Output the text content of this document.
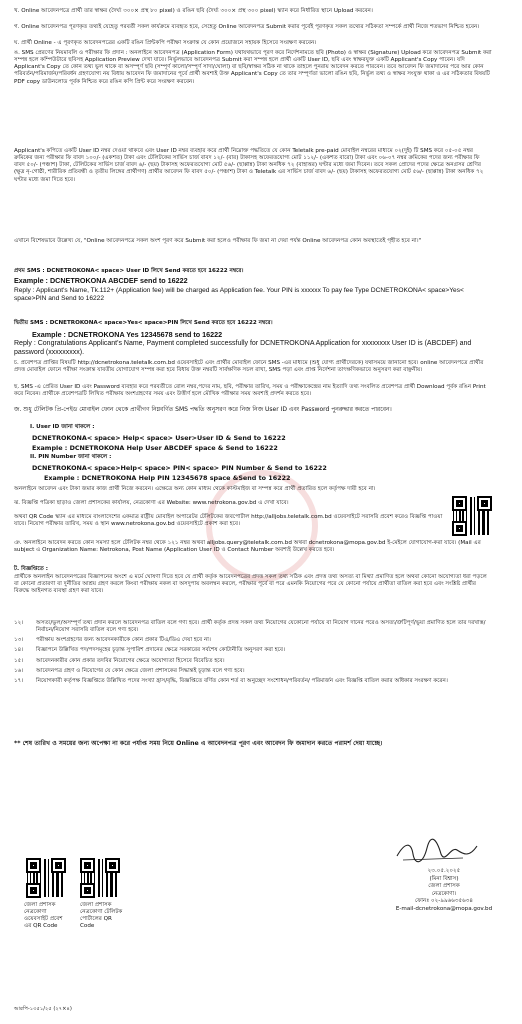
খ. Online আবেদনপত্রে প্রার্থী তার স্বাক্ষর (দৈর্ঘ্য ৩০০× প্রস্থ ৮০ pixel) ও রঙিন ছবি (দৈর্ঘ্য ৩০০× প্রস্থ ৩০০ pixel) স্ক্যান করে নির্ধারিত স্থানে Upload করবেন।
গ. Online আবেদনপত্র পূরণকৃত তথ্যই যেহেতু পরবর্তী সকল কার্যক্রমে ব্যবহৃত হবে, সেহেতু Online আবেদনপত্র Submit করার পূর্বেই পূরণকৃত সকল তথ্যের সঠিকতা সম্পর্কে প্রার্থী নিজে শতভাগ নিশ্চিত হবেন।
ঘ. প্রার্থী Online - এ পূরণকৃত আবেদনপত্রের একটি রঙিন প্রিন্টকপি পরীক্ষা সংক্রান্ত যে কোন প্রয়োজনে সহায়ক হিসেবে সংরক্ষণ করবেন।
ঙ. SMS প্রেরণের নিয়মাবলি ও পরীক্ষার ফি প্রদান : অনলাইনে আবেদনপত্র (Application Form) যথাযথভাবে পূরণ করে নির্দেশনামতে ছবি (Photo) ও স্বাক্ষর (Signature) Upload করে আবেদনপত্র Submit করা সম্পন্ন হলে কম্পিউটারে ছবিসহ Application Preview দেখা যাবে। নির্ভুলভাবে আবেদনপত্র Submit করা সম্পন্ন হলে প্রার্থী একটি User ID, ছবি এবং স্বাক্ষরযুক্ত একটি Applicant's Copy পাবেন। যদি Applicant's Copy তে কোন তথ্য ভুল থাকে বা অসম্পূর্ণ ছবি (সম্পূর্ণ কালো/সম্পূর্ণ সাদা/ঘোলা) বা ছবি/স্বাক্ষর সঠিক না থাকে তাহলে পুনরায় আবেদন করতে পারবেন। তবে আবেদন ফি জমাদানের পরে আর কোন পরিবর্তন/পরিমার্জন/পরিবর্ধন গ্রহণযোগ্য নয় বিধায় আবেদন ফি জমাদানের পূর্বে প্রার্থী অবশ্যই উক্ত Applicant's Copy তে তার সম্পূর্ণতা ভালো রঙিন ছবি, নির্ভুল তথ্য ও স্বাক্ষর সংযুক্ত থাকা ও এর সঠিকতার বিষয়টি PDF copy ডাউনলোড পূর্বক নিশ্চিত করে রঙিন কপি প্রিন্ট করে সংরক্ষণ করবেন।
Applicant's কপিতে একটি User ID নম্বর দেওয়া থাকবে এবং User ID নম্বর ব্যবহার করে প্রার্থী নিম্নোক্ত পদ্ধতিতে যে কোন Teletalk pre-paid মোবাইল নম্বরের মাধ্যমে ০২(দুই) টি SMS করে ০৫-০৫ নম্বর ক্রমিকের জন্য পরীক্ষার ফি বাবদ ১০০/- (একশত) টাকা এবং টেলিটকের সার্ভিস চার্জ বাবদ ১২/- (বার) টাকাসহ অফেরতযোগ্য মোট ১১২/- (একশত বারো) টাকা এবং ০৬-০৭ নম্বর ক্রমিকের পদের জন্য পরীক্ষার ফি বাবদ ৫০/- (পঞ্চাশ) টাকা, টেলিটকের সার্ভিস চার্জ বাবদ ৬/- (ছয়) টাকাসহ অফেরতযোগ্য মোট ৫৬/- (ছাপ্পান্ন) টাকা অনধিক ৭২ (বাহাত্তর) ঘণ্টার মধ্যে জমা দিবেন। তবে সকল প্রোদের পদের ক্ষেত্রে অনগ্রসর শ্রেণির (ক্ষুদ্র নৃ-গোষ্ঠী, শারীরিক প্রতিবন্ধী ও তৃতীয় লিঙ্গের প্রার্থীগণ) প্রার্থীর আবেদন ফি বাবদ ৫০/- (পঞ্চাশ) টাকা ও Teletalk এর সার্ভিস চার্জ বাবদ ৬/- (ছয়) টাকাসহ অফেরতযোগ্য মোট ৫৬/- (ছাপ্পান্ন) টাকা অনধিক ৭২ ঘণ্টার মধ্যে জমা দিতে হবে।
এখানে বিশেষভাবে উল্লেখ্য যে, "Online আবেদনপত্রে সকল অংশ পূরণ করে Submit করা হলেও পরীক্ষার ফি জমা না দেয়া পর্যন্ত Online আবেদনপত্র কোন অবস্থাতেই গৃহীত হবে না।"
প্রথম SMS : DCNETROKONA< space> User ID লিখে Send করতে হবে 16222 নম্বরে।
Example : DCNETROKONA ABCDEF send to 16222
Reply : Applicant's Name, Tk.112+ (Application fee) will be charged as Application fee. Your PIN is xxxxxx To pay fee Type DCNETROKONA< space>Yes< space>PIN and Send to 16222
দ্বিতীয় SMS : DCNETROKONA< space>Yes< space>PIN লিখে Send করতে হবে 16222 নম্বরে।
Example : DCNETROKONA Yes 12345678 send to 16222
Reply : Congratulations Applicant's Name, Payment completed successfully for DCNETROKONA Application for xxxxxxxx User ID is (ABCDEF) and password (xxxxxxxxx).
চ. প্রবেশপত্র প্রাপ্তির বিষয়টি http://dcnetrokona.teletalk.com.bd ওয়েবসাইটে এবং প্রার্থীর মোবাইল ফোনে SMS -এর মাধ্যমে (শুধু যোগ্য প্রার্থীদেরকে) যথাসময়ে জানানো হবে। online আবেদনপত্রে প্রার্থীর প্রদত্ত মোবাইল ফোনে পরীক্ষা সংক্রান্ত যাবতীয় যোগাযোগ সম্পন্ন করা হবে বিধায় উক্ত নম্বরটি সার্বক্ষণিক সচল রাখা, SMS পড়া এবং প্রাপ্ত নির্দেশনা তাৎক্ষণিকভাবে অনুসরণ করা বাঞ্ছনীয়।
ছ. SMS -এ প্রেরিত User ID এবং Password ব্যবহার করে পরবর্তীতে রোল নম্বর,পদের নাম, ছবি, পরীক্ষার তারিখ, সময় ও পরীক্ষাকেন্দ্রের নাম ইত্যাদি তথ্য সংবলিত প্রবেশপত্র প্রার্থী Download পূর্বক রঙিন Print করে নিবেন। প্রার্থীকে প্রবেশপত্রটি লিখিত পরীক্ষায় অংশগ্রহণের সময় এবং উত্তীর্ণ হলে মৌখিক পরীক্ষার সময় অবশ্যই প্রদর্শন করতে হবে।
জ. শুধু টেলিটক প্রি-পেইড মোবাইল ফোন থেকে প্রার্থীগণ নিম্নবর্ণিত SMS পদ্ধতি অনুসরণ করে নিজ নিজ User ID এবং Password পুনরুদ্ধার করতে পারবেন।
I. User ID জানা থাকলে :
DCNETROKONA< space> Help< space> User>User ID & Send to 16222
Example : DCNETROKONA Help User ABCDEF space & Send to 16222
II. PIN Number জানা থাকলে :
DCNETROKONA< space>Help< space> PIN< space> PIN Number & Send to 16222
Example : DCNETROKONA Help PIN 12345678 space &Send to 16222
অনলাইনে আবেদন এবং টাকা জমার কাজ প্রার্থী নিজে করবেন। এক্ষেত্রে অন্য কোন মাধ্যম থেকে কাস্টমাইজ বা সম্পন্ন করে প্রার্থী প্রতারিত হলে কর্তৃপক্ষ দায়ী হবে না।
ঝ. বিজ্ঞপ্তি পত্রিকা ছাড়াও জেলা প্রশাসকের কার্যালয়, নেত্রকোণা এর Website: www.netrokona.gov.bd এ দেখা যাবে।
অথবা QR Code স্ক্যান এর মাধ্যমে বাংলাদেশের একমাত্র রাষ্ট্রীয় মোবাইল অপারেটর টেলিটকের জবপোর্টাল http://alljobs.teletalk.com.bd ওয়েবসাইটে সরাসরি প্রবেশ করেও বিজ্ঞপ্তি পাওয়া যাবে। নিয়োগ পরীক্ষার তারিখ, সময় ও স্থান www.netrokona.gov.bd ওয়েবসাইটে প্রকাশ করা হবে।
ঞ. অনলাইনে আবেদন করতে কোন সমস্যা হলে টেলিটক নম্বর থেকে ১২১ নম্বর অথবা alljobs.query@teletalk.com.bd অথবা dcnetrokona@mopa.gov.bd ই-মেইলে যোগাযোগ-করা যাবে। (Mail এর subject এ Organization Name: Netrokona, Post Name (Application User ID ও Contact Number অবশ্যই উল্লেখ করতে হবে।
ট. বিজ্ঞপ্তিতে :
প্রার্থীকে অনলাইন আবেদনপত্রের বিজ্ঞাপনের অংশে এ মর্মে ঘোষণা দিতে হবে যে প্রার্থী কর্তৃক আবেদনপত্রের প্রদত্ত সকল তথ্য সঠিক এবং প্রদত্ত তথ্য অসত্য বা মিথ্যা প্রমাণিত হলে অথবা কোনো অযোগ্যতা ধরা পড়লে বা কোনো প্রতারণা বা দুর্নীতির আশ্রয় গ্রহণ করলে কিংবা পরীক্ষায় নকল বা অসদুপায় অবলম্বন করলে, পরীক্ষার পূর্বে বা পরে এমনকি নিয়োগের পরে যে কোনো পর্যায়ে প্রার্থীতা বাতিল করা হবে এবং সংশ্লিষ্ট প্রার্থীর বিরুদ্ধে আইনগত ব্যবস্থা গ্রহণ করা যাবে।
১২।	অসত্য/ভুল/অসম্পূর্ণ তথ্য প্রদান করলে আবেদনপত্র বাতিল বলে গণ্য হবে। প্রার্থী কর্তৃক প্রদত্ত সকল তথ্য নিয়োগের যেকোনো পর্যায়ে বা নিয়োগ দানের পরেও অসত্য/ত্রুটিপূর্ণ/ভুয়া প্রমাণিত হলে তার দরখাস্ত/নির্বাচন/নিয়োগ সরাসরি বাতিল বলে গণ্য হবে।
১৩।	পরীক্ষায় অংশগ্রহণের জন্য আবেদনকারীকে কোন প্রকার টিএ/ডিএ দেয়া হবে না।
১৪।	বিজ্ঞাপনে উল্লিখিত পদ/পদসমূহের চূড়ান্ত সুপারিশ প্রদানের ক্ষেত্রে সরকারের সর্বশেষ কোটানীতি অনুসরণ করা হবে।
১৫।	আবেদনকারীর কোন প্রকার তদবির নিয়োগের ক্ষেত্রে অযোগ্যতা হিসেবে বিবেচিত হবে।
১৬।	আবেদনপত্র গ্রহণ ও নিয়োগের যে কোন ক্ষেত্রে জেলা প্রশাসকের সিদ্ধান্তই চূড়ান্ত বলে গণ্য হবে।
১৭।	নিয়োগকারী কর্তৃপক্ষ বিজ্ঞপ্তিতে উল্লিখিত পদের সংখ্যা হ্রাস/বৃদ্ধি, বিজ্ঞপ্তিতে বর্ণিত কোন শর্ত বা অনুচ্ছেদ সংশোধন/পরিবর্তন/ পরিমার্জন এবং বিজ্ঞপ্তি বাতিল করার অধিকার সংরক্ষণ করেন।
** শেষ তারিখ ও সময়ের জন্য অপেক্ষা না করে পর্যাপ্ত সময় নিয়ে Online এ আবেদনপত্র পূরণ এবং আবেদন ফি জমাদান করতে পরামর্শ দেয়া যাচ্ছে।
জেলা প্রশাসক নেত্রকোণা ওয়েবসাইট প্রবেশ এর QR Code
জেলা প্রশাসক নেত্রকোণা টেলিটক পোর্টালের QR Code
২৩.০৫.২০২৫
(মিনা বিশ্বাস)
জেলা প্রশাসক
নেত্রকোণা।
ফোনঃ ০২-৯৯৬৬৩৫৬৩৪
E-mail-dcnetrokona@mopa.gov.bd
আরপি-১৩৫১/২৫ (২৭×৪)
